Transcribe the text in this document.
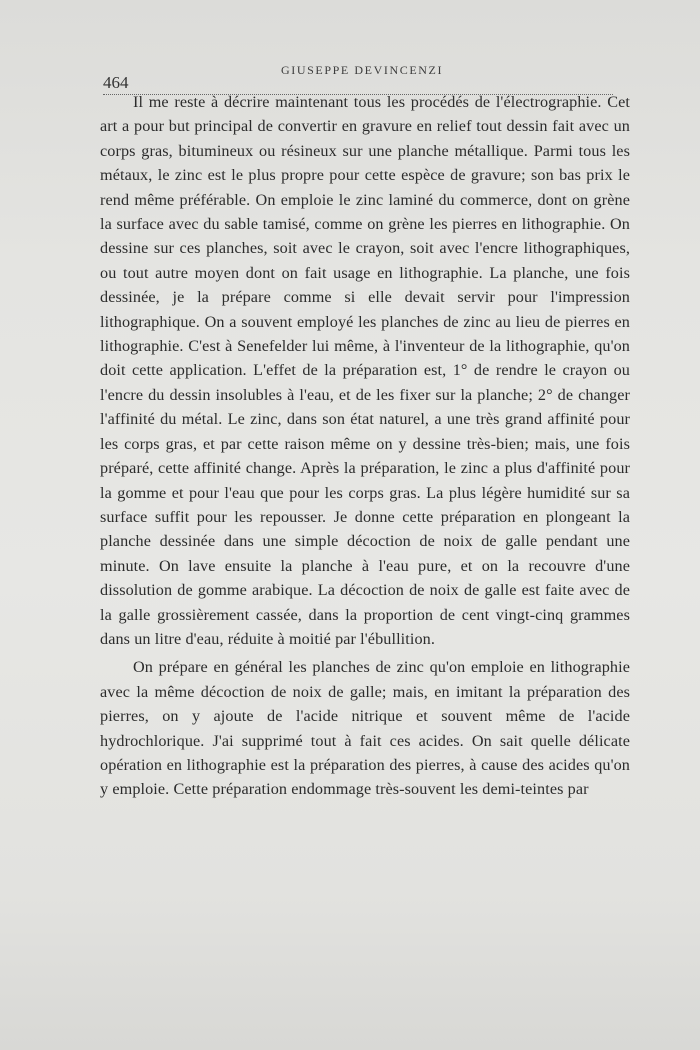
464
GIUSEPPE DEVINCENZI

Il me reste à décrire maintenant tous les procédés de l'électrographie. Cet art a pour but principal de convertir en gravure en relief tout dessin fait avec un corps gras, bitumineux ou résineux sur une planche métallique. Parmi tous les métaux, le zinc est le plus propre pour cette espèce de gravure; son bas prix le rend même préférable. On emploie le zinc laminé du commerce, dont on grène la surface avec du sable tamisé, comme on grène les pierres en lithographie. On dessine sur ces planches, soit avec le crayon, soit avec l'encre lithographiques, ou tout autre moyen dont on fait usage en lithographie. La planche, une fois dessinée, je la prépare comme si elle devait servir pour l'impression lithographique. On a souvent employé les planches de zinc au lieu de pierres en lithographie. C'est à Senefelder lui même, à l'inventeur de la lithographie, qu'on doit cette application. L'effet de la préparation est, 1° de rendre le crayon ou l'encre du dessin insolubles à l'eau, et de les fixer sur la planche; 2° de changer l'affinité du métal. Le zinc, dans son état naturel, a une très grand affinité pour les corps gras, et par cette raison même on y dessine très-bien; mais, une fois préparé, cette affinité change. Après la préparation, le zinc a plus d'affinité pour la gomme et pour l'eau que pour les corps gras. La plus légère humidité sur sa surface suffit pour les repousser. Je donne cette préparation en plongeant la planche dessinée dans une simple décoction de noix de galle pendant une minute. On lave ensuite la planche à l'eau pure, et on la recouvre d'une dissolution de gomme arabique. La décoction de noix de galle est faite avec de la galle grossièrement cassée, dans la proportion de cent vingt-cinq grammes dans un litre d'eau, réduite à moitié par l'ébullition.

On prépare en général les planches de zinc qu'on emploie en lithographie avec la même décoction de noix de galle; mais, en imitant la préparation des pierres, on y ajoute de l'acide nitrique et souvent même de l'acide hydrochlorique. J'ai supprimé tout à fait ces acides. On sait quelle délicate opération en lithographie est la préparation des pierres, à cause des acides qu'on y emploie. Cette préparation endommage très-souvent les demi-teintes par
